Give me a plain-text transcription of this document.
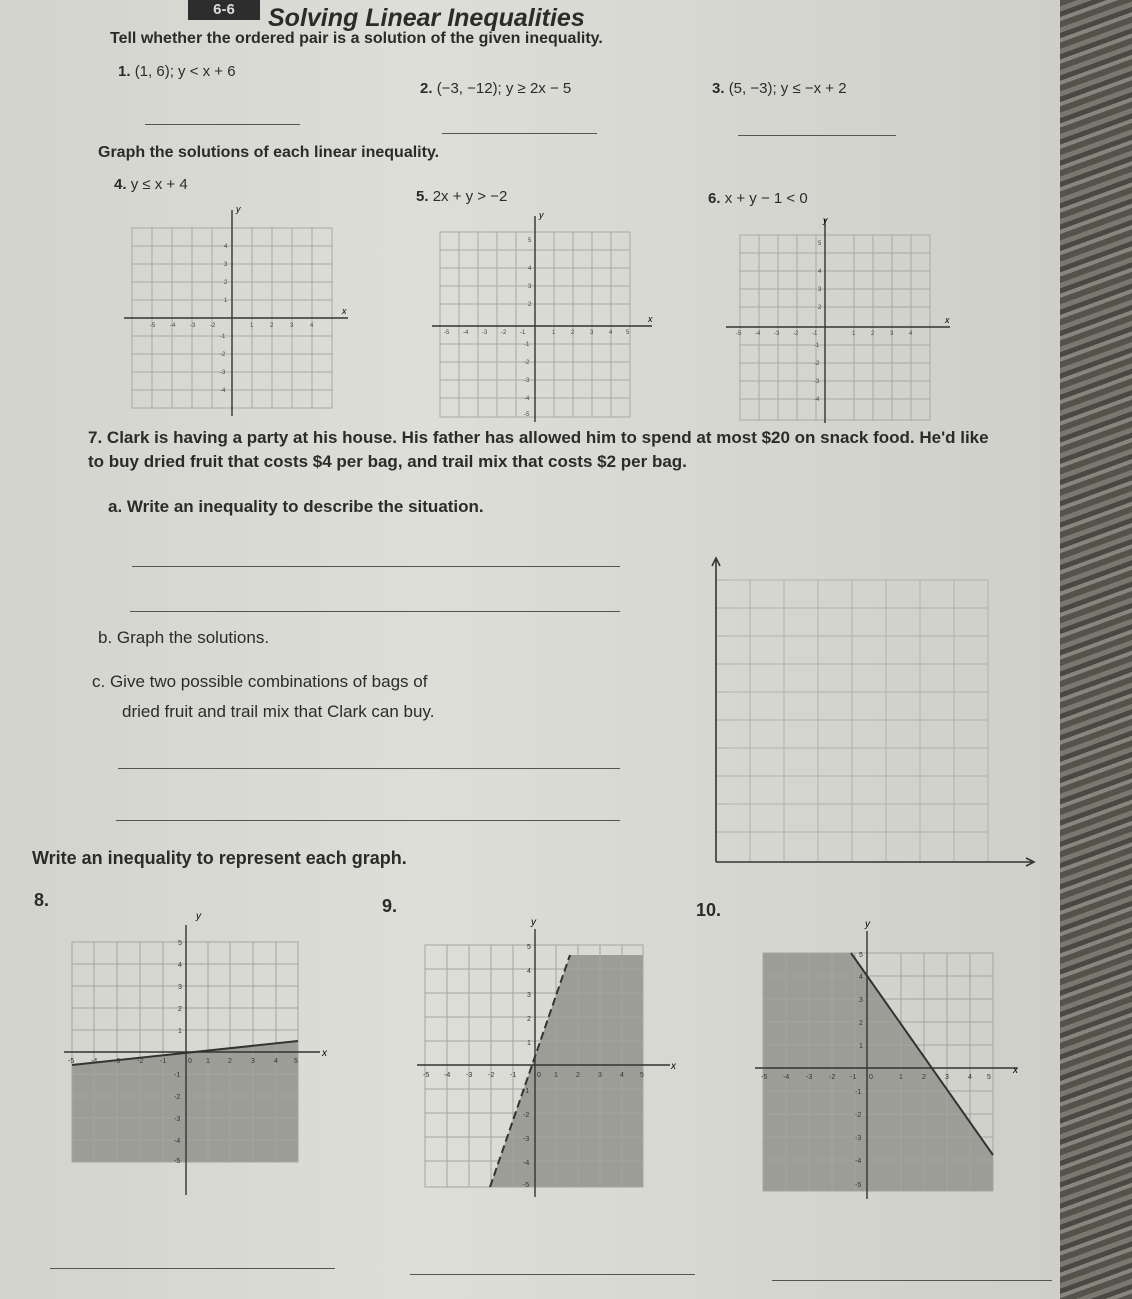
6-6	Solving Linear Inequalities
Tell whether the ordered pair is a solution of the given inequality.
1. (1, 6); y < x + 6
2. (−3, −12); y ≥ 2x − 5	3. (5, −3); y ≤ −x + 2
Graph the solutions of each linear inequality.
4. y ≤ x + 4
5. 2x + y > −2	6. x + y − 1 < 0
x
y
-5 -4 -3 -2	1	2	3	4
4
3
2
1
-1
-2
-3
-4
x
y
-5 -4 -3 -2 -1	1	2	3	4 5
5
4
3
2
-1
-2
-3
-4
-5
x
y
-5 -4 -3 -2 -1	1	2	3	4
5
4
3
2
-1
-2
-3
-4
7. Clark is having a party at his house. His father has allowed him to spend at most $20 on snack food. He'd like to buy dried fruit that costs $4 per bag, and trail mix that costs $2 per bag.
a. Write an inequality to describe the situation.
b. Graph the solutions.
c. Give two possible combinations of bags of
dried fruit and trail mix that Clark can buy.
Write an inequality to represent each graph.
8.	9.	10.
x
y
-5 -4 -3 -2 -1	0 1	2	3	4 5
5
4
3
2
1
-1
-2
-3
-4
-5
x
y
-5 -4 -3 -2 -1	0 1	2	3	4 5
5
4
3
2
1
-1
-2
-3
-4
-5
x
y
-5 -4 -3 -2 -1 0	1	2	3	4 5
5
4
3
2
1
-1
-2
-3
-4
-5
